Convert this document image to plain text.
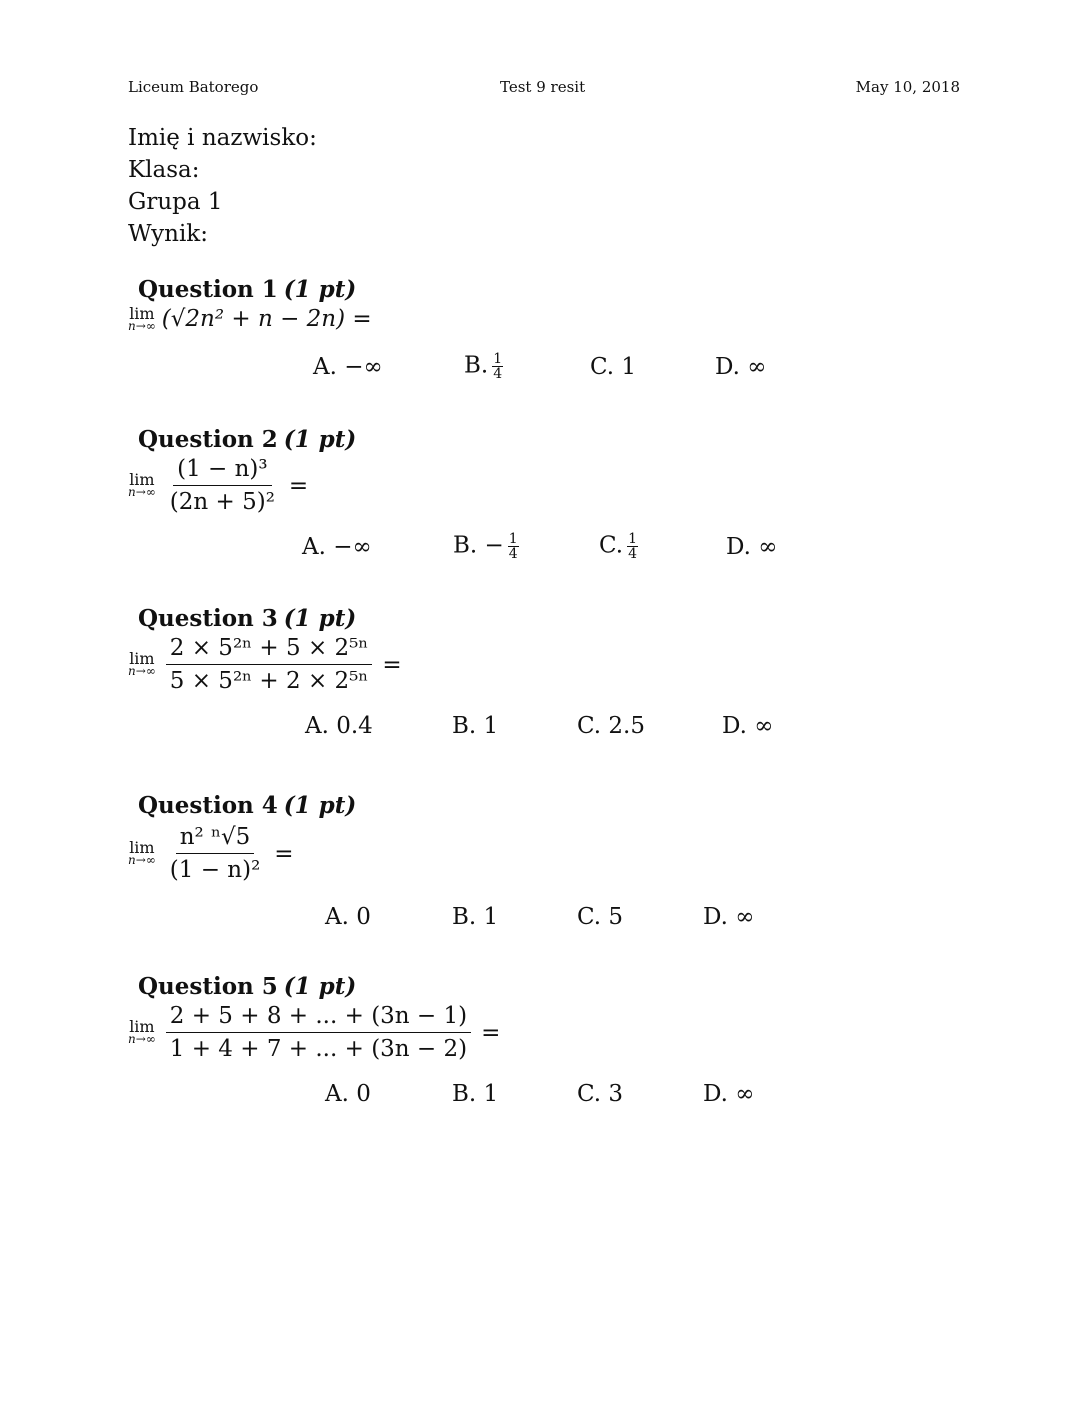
Liceum Batorego	Test 9 resit	May 10, 2018
Imię i nazwisko:
Klasa:
Grupa 1
Wynik:
Question 1 (1 pt)
lim
n→∞ (√2n² + n − 2n) =
A. −∞	B. $\frac{1}{4}$	C. 1	D. ∞
Question 2 (1 pt)
lim
$n\to\infty \frac{\text{(1 − n)³}}{\text{(2n + 5)²}}$ =
A. −∞	B. − $\frac{1}{4}$	C. $\frac{1}{4}$	D. ∞
Question 3 (1 pt)
lim
$n\to\infty \frac{\text{2 × 5²ⁿ + 5 × 2⁵ⁿ}}{\text{5 × 5²ⁿ + 2 × 2⁵ⁿ}}$ =
A. 0.4	B. 1	C. 2.5	D. ∞
Question 4 (1 pt)
lim
$n\to\infty \frac{\text{n² ⁿ√5}}{\text{(1 − n)²}}$ =
A. 0	B. 1	C. 5	D. ∞
Question 5 (1 pt)
lim
$n\to\infty \frac{2 + 5 + 8 + ... + (3n - 1)}{1 + 4 + 7 + ... + (3n - 2)}$ =
A. 0	B. 1	C. 3	D. ∞
